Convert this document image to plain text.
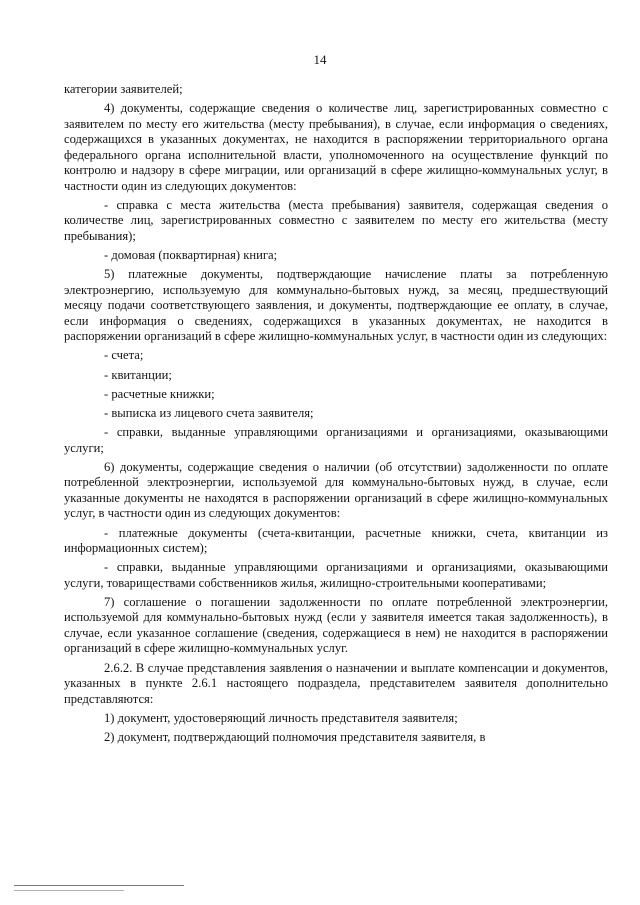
14

категории заявителей;

4) документы, содержащие сведения о количестве лиц, зарегистрированных совместно с заявителем по месту его жительства (месту пребывания), в случае, если информация о сведениях, содержащихся в указанных документах, не находится в распоряжении территориального органа федерального органа исполнительной власти, уполномоченного на осуществление функций по контролю и надзору в сфере миграции, или организаций в сфере жилищно-коммунальных услуг, в частности один из следующих документов:

- справка с места жительства (места пребывания) заявителя, содержащая сведения о количестве лиц, зарегистрированных совместно с заявителем по месту его жительства (месту пребывания);

- домовая (поквартирная) книга;

5) платежные документы, подтверждающие начисление платы за потребленную электроэнергию, используемую для коммунально-бытовых нужд, за месяц, предшествующий месяцу подачи соответствующего заявления, и документы, подтверждающие ее оплату, в случае, если информация о сведениях, содержащихся в указанных документах, не находится в распоряжении организаций в сфере жилищно-коммунальных услуг, в частности один из следующих:

- счета;

- квитанции;

- расчетные книжки;

- выписка из лицевого счета заявителя;

- справки, выданные управляющими организациями и организациями, оказывающими услуги;

6) документы, содержащие сведения о наличии (об отсутствии) задолженности по оплате потребленной электроэнергии, используемой для коммунально-бытовых нужд, в случае, если указанные документы не находятся в распоряжении организаций в сфере жилищно-коммунальных услуг, в частности один из следующих документов:

- платежные документы (счета-квитанции, расчетные книжки, счета, квитанции из информационных систем);

- справки, выданные управляющими организациями и организациями, оказывающими услуги, товариществами собственников жилья, жилищно-строительными кооперативами;

7) соглашение о погашении задолженности по оплате потребленной электроэнергии, используемой для коммунально-бытовых нужд (если у заявителя имеется такая задолженность), в случае, если указанное соглашение (сведения, содержащиеся в нем) не находится в распоряжении организаций в сфере жилищно-коммунальных услуг.

2.6.2. В случае представления заявления о назначении и выплате компенсации и документов, указанных в пункте 2.6.1 настоящего подраздела, представителем заявителя дополнительно представляются:

1) документ, удостоверяющий личность представителя заявителя;

2) документ, подтверждающий полномочия представителя заявителя, в
